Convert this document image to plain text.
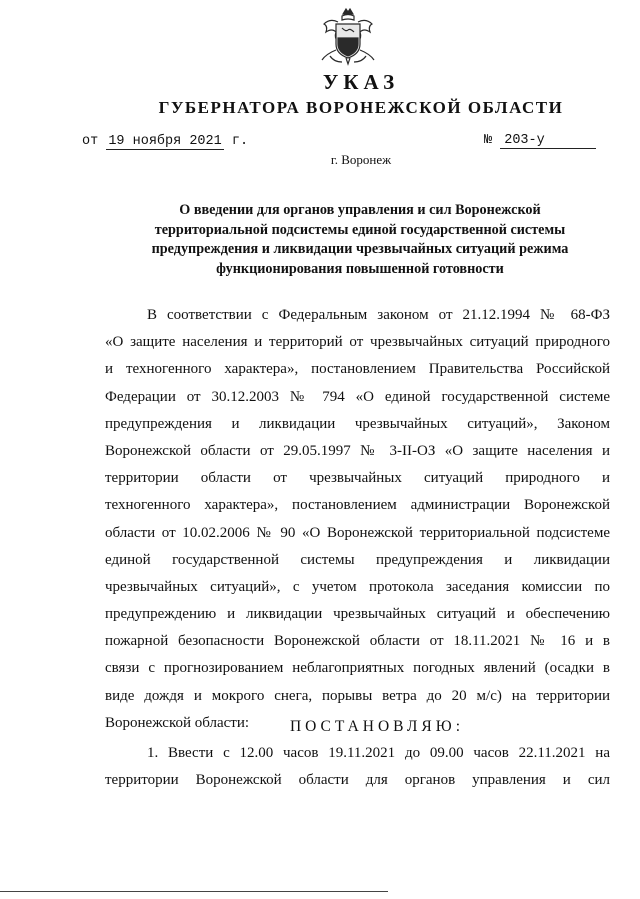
УКАЗ
ГУБЕРНАТОРА ВОРОНЕЖСКОЙ ОБЛАСТИ
от 19 ноября 2021 г.	№ 203-у
г. Воронеж
О введении для органов управления и сил Воронежской
территориальной подсистемы единой государственной системы
предупреждения и ликвидации чрезвычайных ситуаций режима
функционирования повышенной готовности
В соответствии с Федеральным законом от 21.12.1994 № 68-ФЗ
«О защите населения и территорий от чрезвычайных ситуаций природного
и техногенного характера», постановлением Правительства Российской
Федерации от 30.12.2003 № 794 «О единой государственной системе
предупреждения и ликвидации чрезвычайных ситуаций», Законом
Воронежской области от 29.05.1997 № 3-II-ОЗ «О защите населения и
территории области от чрезвычайных ситуаций природного и
техногенного характера», постановлением администрации Воронежской
области от 10.02.2006 № 90 «О Воронежской территориальной подсистеме
единой государственной системы предупреждения и ликвидации
чрезвычайных ситуаций», с учетом протокола заседания комиссии по
предупреждению и ликвидации чрезвычайных ситуаций и обеспечению
пожарной безопасности Воронежской области от 18.11.2021 № 16 и в
связи с прогнозированием неблагоприятных погодных явлений (осадки в
виде дождя и мокрого снега, порывы ветра до 20 м/с) на территории
Воронежской области:	ПОСТАНОВЛЯЮ:
1. Ввести с 12.00 часов 19.11.2021 до 09.00 часов 22.11.2021 на
территории Воронежской области для органов управления и сил
